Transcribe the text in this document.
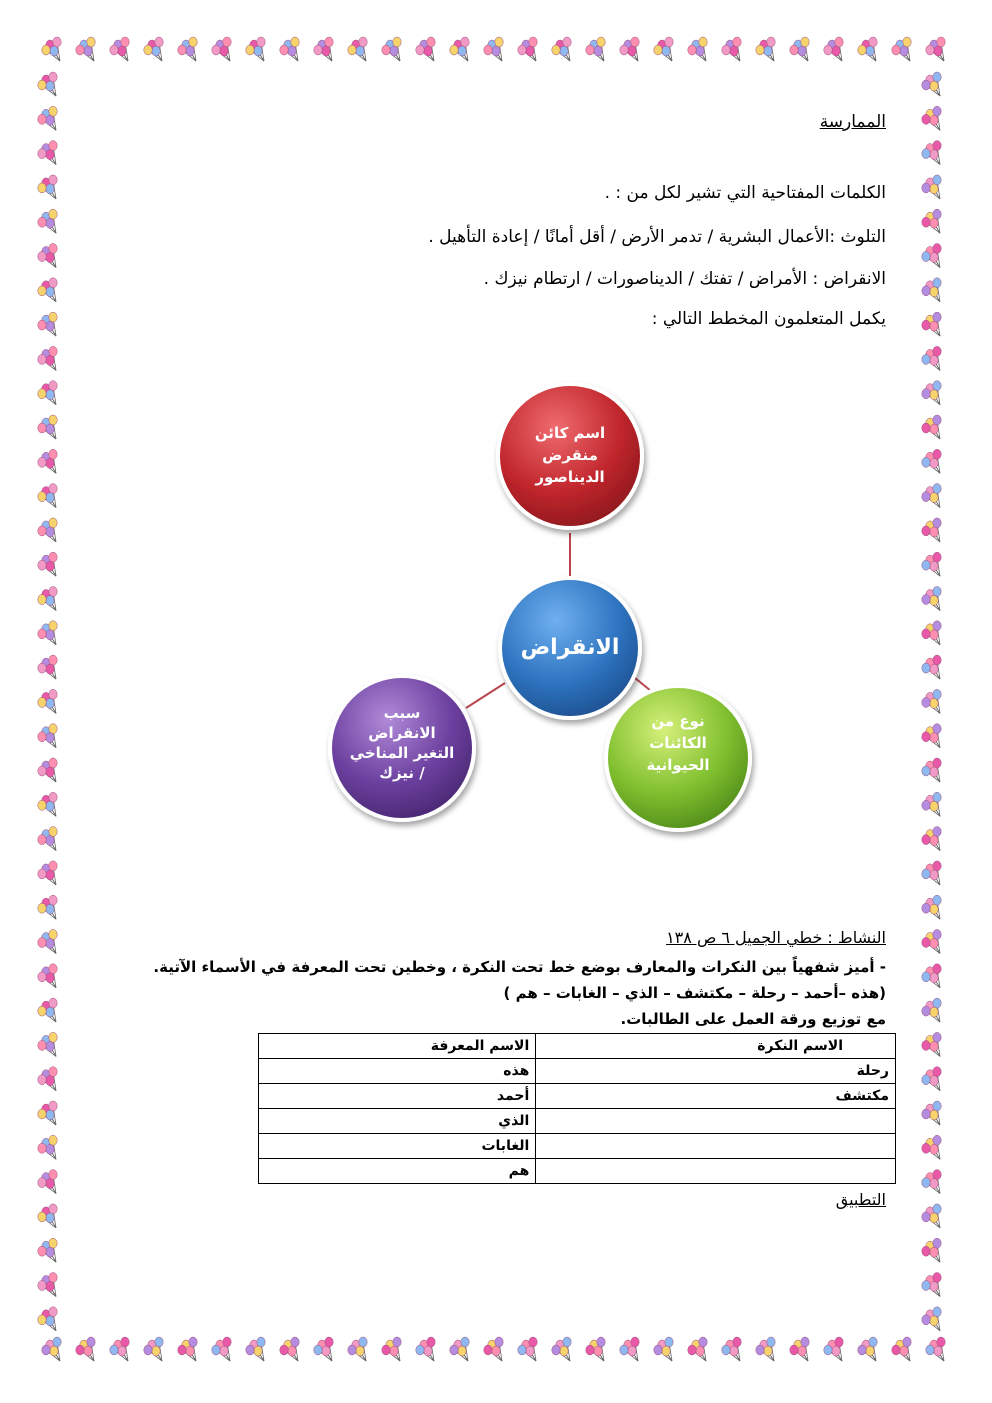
الممارسة
الكلمات المفتاحية التي تشير لكل من : .
التلوث :الأعمال البشرية / تدمر الأرض / أقل أمانًا / إعادة التأهيل .
الانقراض : الأمراض / تفتك / الديناصورات / ارتطام نيزك .
يكمل المتعلمون المخطط التالي :
الانقراض
اسم كائن
منقرض
الديناصور
نوع من
الكائنات
الحيوانية
سبب
الانقراض
التغير المناخي
/ نيزك
النشاط : خطي الجميل ٦ ص ١٣٨
- أميز شفهياً بين النكرات والمعارف بوضع خط تحت النكرة ، وخطين تحت المعرفة في الأسماء الآتية.
(هذه –أحمد – رحلة – مكتشف – الذي – الغابات – هم )
مع توزيع ورقة العمل على الطالبات.
الاسم النكرة	الاسم المعرفة
رحلة	هذه
مكتشف	أحمد
	الذي
	الغابات
	هم
التطبيق
